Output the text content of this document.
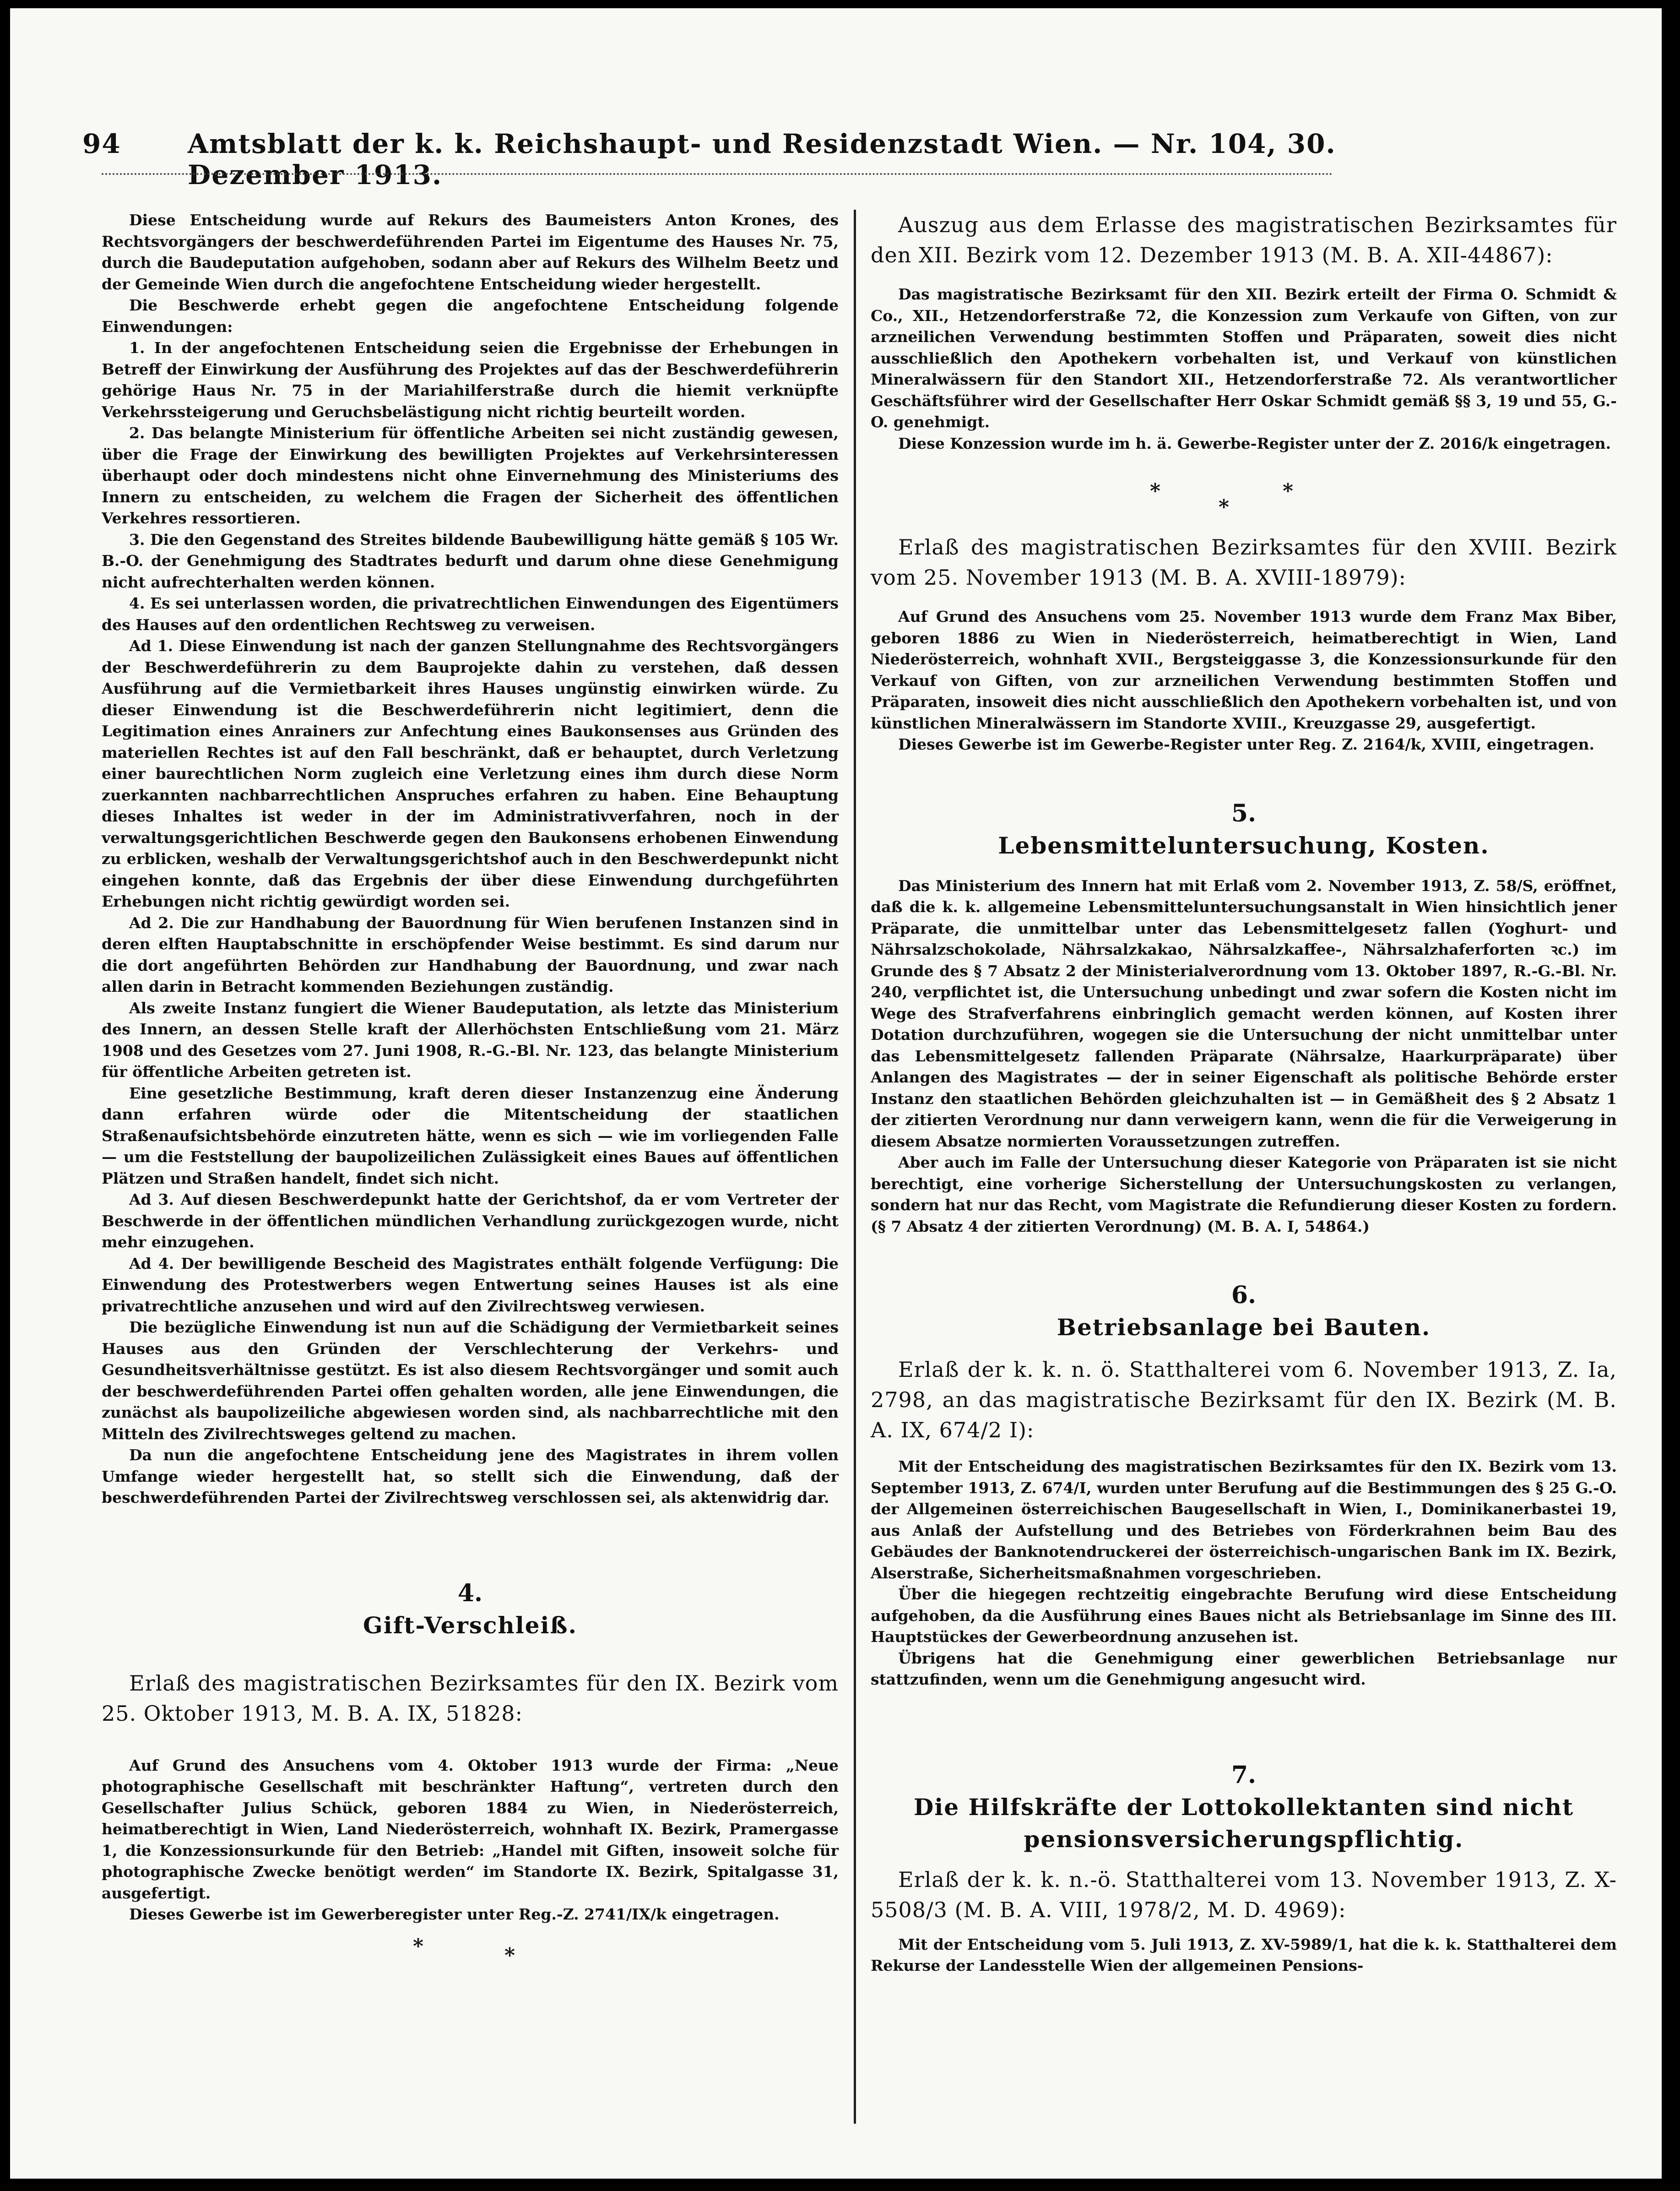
94	Amtsblatt der k. k. Reichshaupt- und Residenzstadt Wien. — Nr. 104, 30. Dezember 1913.

Diese Entscheidung wurde auf Rekurs des Baumeisters Anton Krones, des Rechtsvorgängers der beschwerdeführenden Partei im Eigentume des Hauses Nr. 75, durch die Baudeputation aufgehoben, sodann aber auf Rekurs des Wilhelm Beetz und der Gemeinde Wien durch die angefochtene Entscheidung wieder hergestellt.

Die Beschwerde erhebt gegen die angefochtene Entscheidung folgende Einwendungen:

1. In der angefochtenen Entscheidung seien die Ergebnisse der Erhebungen in Betreff der Einwirkung der Ausführung des Projektes auf das der Beschwerdeführerin gehörige Haus Nr. 75 in der Mariahilferstraße durch die hiemit verknüpfte Verkehrssteigerung und Geruchsbelästigung nicht richtig beurteilt worden.

2. Das belangte Ministerium für öffentliche Arbeiten sei nicht zuständig gewesen, über die Frage der Einwirkung des bewilligten Projektes auf Verkehrsinteressen überhaupt oder doch mindestens nicht ohne Einvernehmung des Ministeriums des Innern zu entscheiden, zu welchem die Fragen der Sicherheit des öffentlichen Verkehres ressortieren.

3. Die den Gegenstand des Streites bildende Baubewilligung hätte gemäß § 105 Wr. B.-O. der Genehmigung des Stadtrates bedurft und darum ohne diese Genehmigung nicht aufrechterhalten werden können.

4. Es sei unterlassen worden, die privatrechtlichen Einwendungen des Eigentümers des Hauses auf den ordentlichen Rechtsweg zu verweisen.

Ad 1. Diese Einwendung ist nach der ganzen Stellungnahme des Rechtsvorgängers der Beschwerdeführerin zu dem Bauprojekte dahin zu verstehen, daß dessen Ausführung auf die Vermietbarkeit ihres Hauses ungünstig einwirken würde. Zu dieser Einwendung ist die Beschwerdeführerin nicht legitimiert, denn die Legitimation eines Anrainers zur Anfechtung eines Baukonsenses aus Gründen des materiellen Rechtes ist auf den Fall beschränkt, daß er behauptet, durch Verletzung einer baurechtlichen Norm zugleich eine Verletzung eines ihm durch diese Norm zuerkannten nachbarrechtlichen Anspruches erfahren zu haben. Eine Behauptung dieses Inhaltes ist weder in der im Administrativverfahren, noch in der verwaltungsgerichtlichen Beschwerde gegen den Baukonsens erhobenen Einwendung zu erblicken, weshalb der Verwaltungsgerichtshof auch in den Beschwerdepunkt nicht eingehen konnte, daß das Ergebnis der über diese Einwendung durchgeführten Erhebungen nicht richtig gewürdigt worden sei.

Ad 2. Die zur Handhabung der Bauordnung für Wien berufenen Instanzen sind in deren elften Hauptabschnitte in erschöpfender Weise bestimmt. Es sind darum nur die dort angeführten Behörden zur Handhabung der Bauordnung, und zwar nach allen darin in Betracht kommenden Beziehungen zuständig.

Als zweite Instanz fungiert die Wiener Baudeputation, als letzte das Ministerium des Innern, an dessen Stelle kraft der Allerhöchsten Entschließung vom 21. März 1908 und des Gesetzes vom 27. Juni 1908, R.-G.-Bl. Nr. 123, das belangte Ministerium für öffentliche Arbeiten getreten ist.

Eine gesetzliche Bestimmung, kraft deren dieser Instanzenzug eine Änderung dann erfahren würde oder die Mitentscheidung der staatlichen Straßenaufsichtsbehörde einzutreten hätte, wenn es sich — wie im vorliegenden Falle — um die Feststellung der baupolizeilichen Zulässigkeit eines Baues auf öffentlichen Plätzen und Straßen handelt, findet sich nicht.

Ad 3. Auf diesen Beschwerdepunkt hatte der Gerichtshof, da er vom Vertreter der Beschwerde in der öffentlichen mündlichen Verhandlung zurückgezogen wurde, nicht mehr einzugehen.

Ad 4. Der bewilligende Bescheid des Magistrates enthält folgende Verfügung: Die Einwendung des Protestwerbers wegen Entwertung seines Hauses ist als eine privatrechtliche anzusehen und wird auf den Zivilrechtsweg verwiesen.

Die bezügliche Einwendung ist nun auf die Schädigung der Vermietbarkeit seines Hauses aus den Gründen der Verschlechterung der Verkehrs- und Gesundheitsverhältnisse gestützt. Es ist also diesem Rechtsvorgänger und somit auch der beschwerdeführenden Partei offen gehalten worden, alle jene Einwendungen, die zunächst als baupolizeiliche abgewiesen worden sind, als nachbarrechtliche mit den Mitteln des Zivilrechtsweges geltend zu machen.

Da nun die angefochtene Entscheidung jene des Magistrates in ihrem vollen Umfange wieder hergestellt hat, so stellt sich die Einwendung, daß der beschwerdeführenden Partei der Zivilrechtsweg verschlossen sei, als aktenwidrig dar.

4.
Gift-Verschleiß.

Erlaß des magistratischen Bezirksamtes für den IX. Bezirk vom 25. Oktober 1913, M. B. A. IX, 51828:

Auf Grund des Ansuchens vom 4. Oktober 1913 wurde der Firma: „Neue photographische Gesellschaft mit beschränkter Haftung“, vertreten durch den Gesellschafter Julius Schück, geboren 1884 zu Wien, in Niederösterreich, heimatberechtigt in Wien, Land Niederösterreich, wohnhaft IX. Bezirk, Pramergasse 1, die Konzessionsurkunde für den Betrieb: „Handel mit Giften, insoweit solche für photographische Zwecke benötigt werden“ im Standorte IX. Bezirk, Spitalgasse 31, ausgefertigt.

Dieses Gewerbe ist im Gewerberegister unter Reg.-Z. 2741/IX/k eingetragen.

*	*

Auszug aus dem Erlasse des magistratischen Bezirksamtes für den XII. Bezirk vom 12. Dezember 1913 (M. B. A. XII-44867):

Das magistratische Bezirksamt für den XII. Bezirk erteilt der Firma O. Schmidt & Co., XII., Hetzendorferstraße 72, die Konzession zum Verkaufe von Giften, von zur arzneilichen Verwendung bestimmten Stoffen und Präparaten, soweit dies nicht ausschließlich den Apothekern vorbehalten ist, und Verkauf von künstlichen Mineralwässern für den Standort XII., Hetzendorferstraße 72. Als verantwortlicher Geschäftsführer wird der Gesellschafter Herr Oskar Schmidt gemäß §§ 3, 19 und 55, G.-O. genehmigt.

Diese Konzession wurde im h. ä. Gewerbe-Register unter der Z. 2016/k eingetragen.

*
*
*

Erlaß des magistratischen Bezirksamtes für den XVIII. Bezirk vom 25. November 1913 (M. B. A. XVIII-18979):

Auf Grund des Ansuchens vom 25. November 1913 wurde dem Franz Max Biber, geboren 1886 zu Wien in Niederösterreich, heimatberechtigt in Wien, Land Niederösterreich, wohnhaft XVII., Bergsteiggasse 3, die Konzessionsurkunde für den Verkauf von Giften, von zur arzneilichen Verwendung bestimmten Stoffen und Präparaten, insoweit dies nicht ausschließlich den Apothekern vorbehalten ist, und von künstlichen Mineralwässern im Standorte XVIII., Kreuzgasse 29, ausgefertigt.

Dieses Gewerbe ist im Gewerbe-Register unter Reg. Z. 2164/k, XVIII, eingetragen.

5.
Lebensmitteluntersuchung, Kosten.

Das Ministerium des Innern hat mit Erlaß vom 2. November 1913, Z. 58/S, eröffnet, daß die k. k. allgemeine Lebensmitteluntersuchungsanstalt in Wien hinsichtlich jener Präparate, die unmittelbar unter das Lebensmittelgesetz fallen (Yoghurt- und Nährsalzschokolade, Nährsalzkakao, Nährsalzkaffee-, Nährsalzhaferforten ꝛc.) im Grunde des § 7 Absatz 2 der Ministerialverordnung vom 13. Oktober 1897, R.-G.-Bl. Nr. 240, verpflichtet ist, die Untersuchung unbedingt und zwar sofern die Kosten nicht im Wege des Strafverfahrens einbringlich gemacht werden können, auf Kosten ihrer Dotation durchzuführen, wogegen sie die Untersuchung der nicht unmittelbar unter das Lebensmittelgesetz fallenden Präparate (Nährsalze, Haarkurpräparate) über Anlangen des Magistrates — der in seiner Eigenschaft als politische Behörde erster Instanz den staatlichen Behörden gleichzuhalten ist — in Gemäßheit des § 2 Absatz 1 der zitierten Verordnung nur dann verweigern kann, wenn die für die Verweigerung in diesem Absatze normierten Voraussetzungen zutreffen.

Aber auch im Falle der Untersuchung dieser Kategorie von Präparaten ist sie nicht berechtigt, eine vorherige Sicherstellung der Untersuchungskosten zu verlangen, sondern hat nur das Recht, vom Magistrate die Refundierung dieser Kosten zu fordern. (§ 7 Absatz 4 der zitierten Verordnung) (M. B. A. I, 54864.)

6.
Betriebsanlage bei Bauten.

Erlaß der k. k. n. ö. Statthalterei vom 6. November 1913, Z. Ia, 2798, an das magistratische Bezirksamt für den IX. Bezirk (M. B. A. IX, 674/2 I):

Mit der Entscheidung des magistratischen Bezirksamtes für den IX. Bezirk vom 13. September 1913, Z. 674/I, wurden unter Berufung auf die Bestimmungen des § 25 G.-O. der Allgemeinen österreichischen Baugesellschaft in Wien, I., Dominikanerbastei 19, aus Anlaß der Aufstellung und des Betriebes von Förderkrahnen beim Bau des Gebäudes der Banknotendruckerei der österreichisch-ungarischen Bank im IX. Bezirk, Alserstraße, Sicherheitsmaßnahmen vorgeschrieben.

Über die hiegegen rechtzeitig eingebrachte Berufung wird diese Entscheidung aufgehoben, da die Ausführung eines Baues nicht als Betriebsanlage im Sinne des III. Hauptstückes der Gewerbeordnung anzusehen ist.

Übrigens hat die Genehmigung einer gewerblichen Betriebsanlage nur stattzufinden, wenn um die Genehmigung angesucht wird.

7.
Die Hilfskräfte der Lottokollektanten sind nicht
pensionsversicherungspflichtig.

Erlaß der k. k. n.-ö. Statthalterei vom 13. November 1913, Z. X-5508/3 (M. B. A. VIII, 1978/2, M. D. 4969):

Mit der Entscheidung vom 5. Juli 1913, Z. XV-5989/1, hat die k. k. Statthalterei dem Rekurse der Landesstelle Wien der allgemeinen Pensions-
